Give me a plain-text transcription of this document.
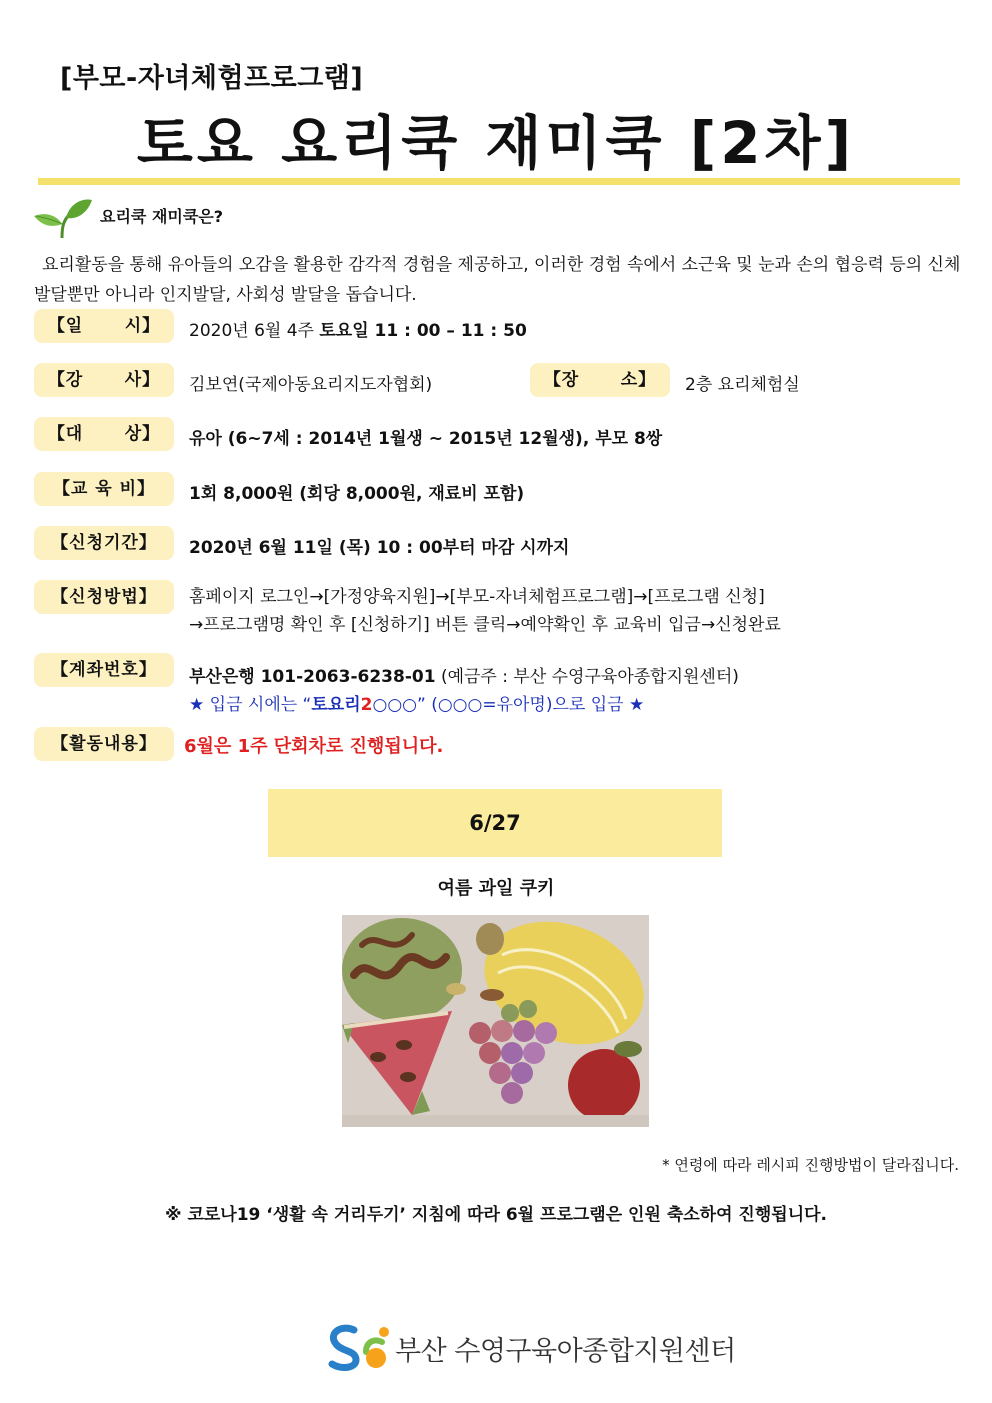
[부모-자녀체험프로그램]
토요 요리쿡 재미쿡 [2차]
요리쿡 재미쿡은?
요리활동을 통해 유아들의 오감을 활용한 감각적 경험을 제공하고, 이러한 경험 속에서 소근육 및 눈과 손의 협응력 등의 신체발달뿐만 아니라 인지발달, 사회성 발달을 돕습니다.
【일      시】	2020년 6월 4주 토요일 11 : 00 – 11 : 50
【강      사】	김보연(국제아동요리지도자협회)	【장      소】	2층 요리체험실
【대      상】	유아 (6~7세 : 2014년 1월생 ~ 2015년 12월생), 부모 8쌍
【교 육 비】	1회 8,000원 (회당 8,000원, 재료비 포함)
【신청기간】	2020년 6월 11일 (목) 10 : 00부터 마감 시까지
【신청방법】	홈페이지 로그인→[가정양육지원]→[부모-자녀체험프로그램]→[프로그램 신청]
→프로그램명 확인 후 [신청하기] 버튼 클릭→예약확인 후 교육비 입금→신청완료
【계좌번호】	부산은행 101-2063-6238-01 (예금주 : 부산 수영구육아종합지원센터)
★ 입금 시에는 “토요리2○○○” (○○○=유아명)으로 입금 ★
【활동내용】	6월은 1주 단회차로 진행됩니다.
6/27
여름 과일 쿠키
* 연령에 따라 레시피 진행방법이 달라집니다.
※ 코로나19 ‘생활 속 거리두기’ 지침에 따라 6월 프로그램은 인원 축소하여 진행됩니다.
부산 수영구육아종합지원센터
